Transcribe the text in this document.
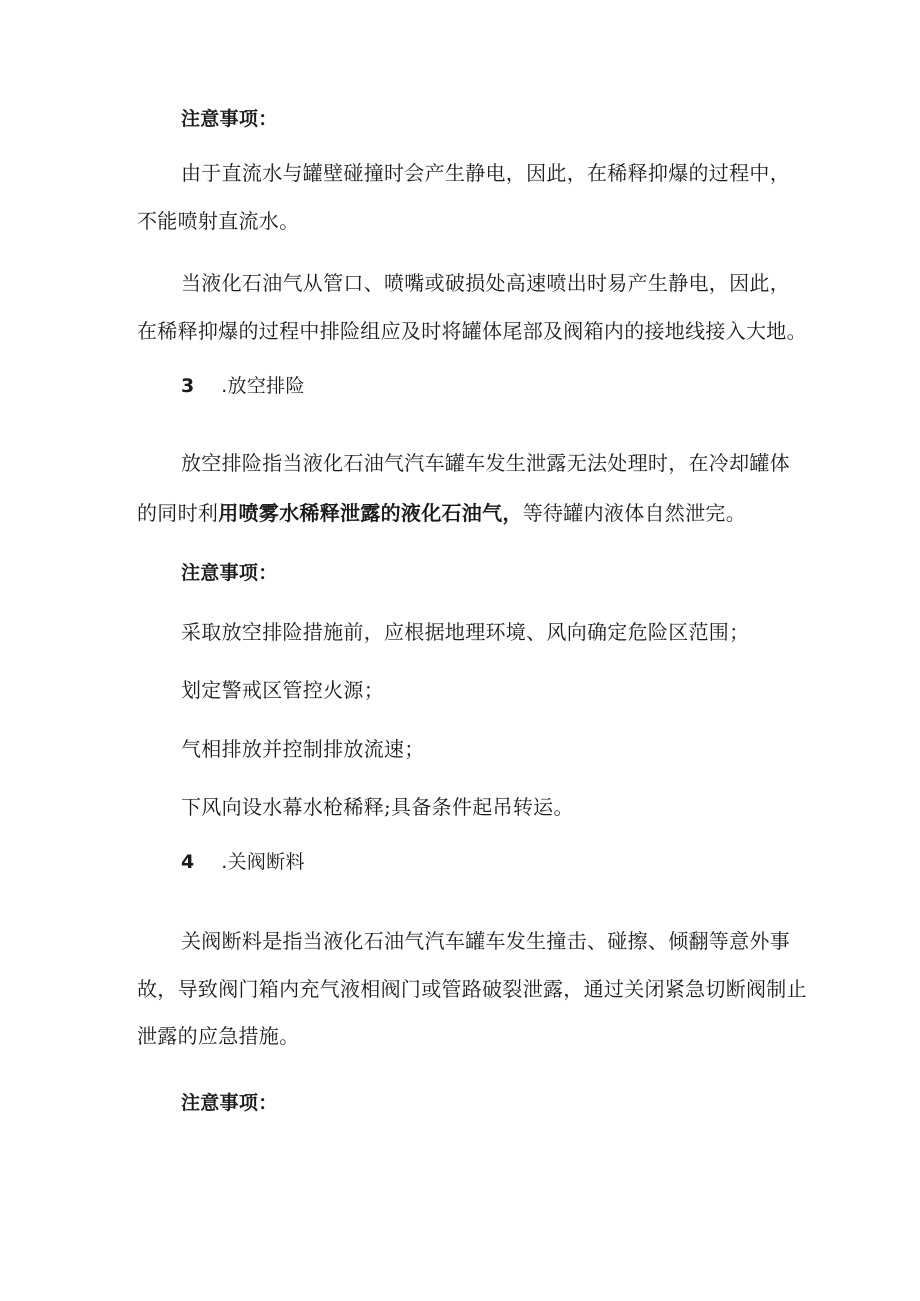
注意事项：
由于直流水与罐壁碰撞时会产生静电，因此，在稀释抑爆的过程中，
不能喷射直流水。
当液化石油气从管口、喷嘴或破损处高速喷出时易产生静电，因此，
在稀释抑爆的过程中排险组应及时将罐体尾部及阀箱内的接地线接入大地。
3 .放空排险
放空排险指当液化石油气汽车罐车发生泄露无法处理时，在冷却罐体
的同时利用喷雾水稀释泄露的液化石油气，等待罐内液体自然泄完。
注意事项：
采取放空排险措施前，应根据地理环境、风向确定危险区范围；
划定警戒区管控火源；
气相排放并控制排放流速；
下风向设水幕水枪稀释;具备条件起吊转运。
4 .关阀断料
关阀断料是指当液化石油气汽车罐车发生撞击、碰擦、倾翻等意外事
故，导致阀门箱内充气液相阀门或管路破裂泄露，通过关闭紧急切断阀制止
泄露的应急措施。
注意事项：
